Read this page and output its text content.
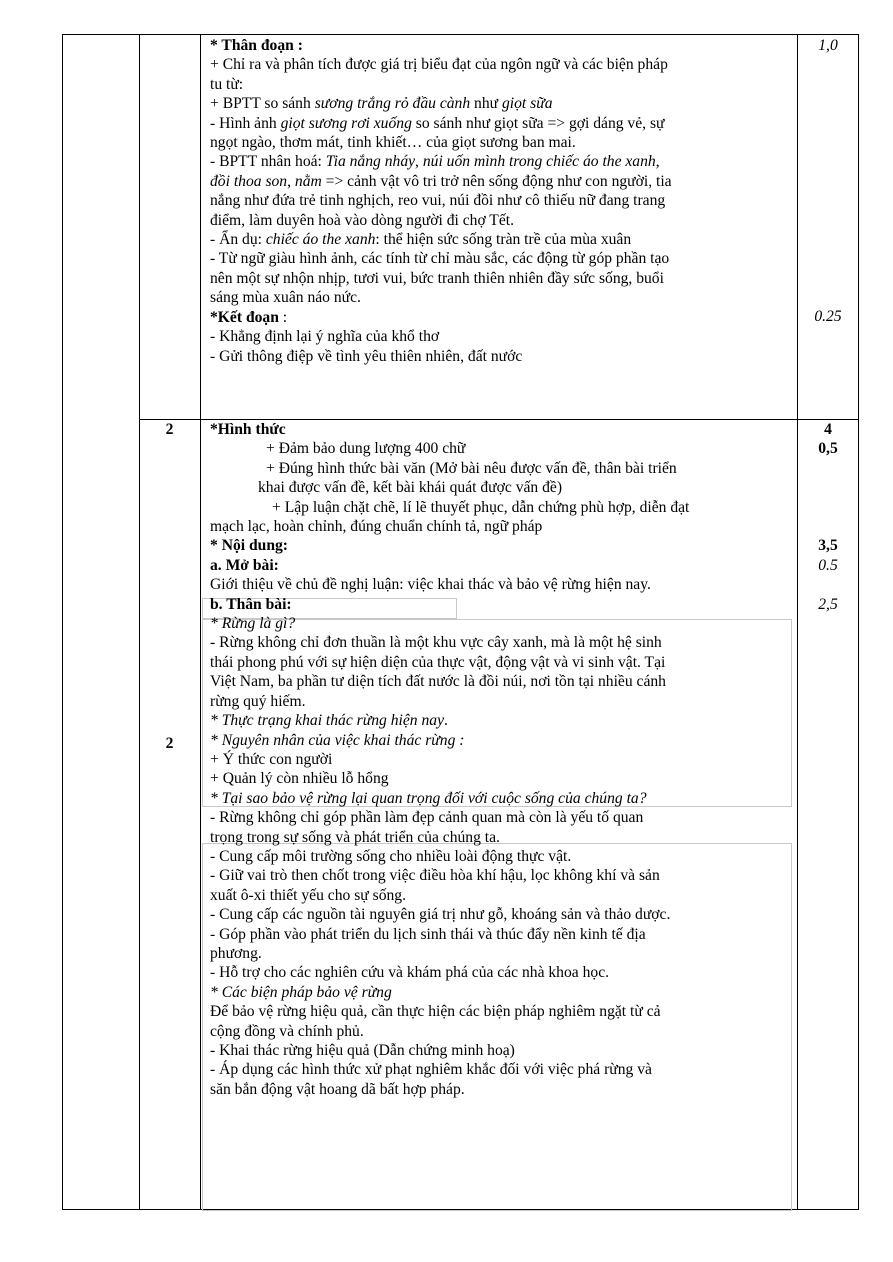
* Thân đoạn :
+ Chỉ ra và phân tích được giá trị biểu đạt của ngôn ngữ và các biện pháp
tu từ:
+ BPTT so sánh sương trắng rỏ đầu cành như giọt sữa
- Hình ảnh giọt sương rơi xuống so sánh như giọt sữa => gợi dáng vẻ, sự
ngọt ngào, thơm mát, tinh khiết… của giọt sương ban mai.
- BPTT nhân hoá: Tia nắng nháy, núi uốn mình trong chiếc áo the xanh,
đồi thoa son, nằm => cảnh vật vô tri trở nên sống động như con người, tia
nắng như đứa trẻ tinh nghịch, reo vui, núi đồi như cô thiếu nữ đang trang
điểm, làm duyên hoà vào dòng người đi chợ Tết.
- Ẩn dụ: chiếc áo the xanh: thể hiện sức sống tràn trề của mùa xuân
- Từ ngữ giàu hình ảnh, các tính từ chỉ màu sắc, các động từ góp phần tạo
nên một sự nhộn nhịp, tươi vui, bức tranh thiên nhiên đầy sức sống, buổi
sáng mùa xuân náo nức.
*Kết đoạn :
- Khẳng định lại ý nghĩa của khổ thơ
- Gửi thông điệp về tình yêu thiên nhiên, đất nước
1,0
0.25
2
2
*Hình thức
+ Đảm bảo dung lượng 400 chữ
+ Đúng hình thức bài văn (Mở bài nêu được vấn đề, thân bài triển
khai được vấn đề, kết bài khái quát được vấn đề)
+ Lập luận chặt chẽ, lí lẽ thuyết phục, dẫn chứng phù hợp, diễn đạt
mạch lạc, hoàn chỉnh, đúng chuẩn chính tả, ngữ pháp
* Nội dung:
a. Mở bài:
Giới thiệu về chủ đề nghị luận: việc khai thác và bảo vệ rừng hiện nay.
b. Thân bài:
* Rừng là gì?
- Rừng không chỉ đơn thuần là một khu vực cây xanh, mà là một hệ sinh
thái phong phú với sự hiện diện của thực vật, động vật và vi sinh vật. Tại
Việt Nam, ba phần tư diện tích đất nước là đồi núi, nơi tồn tại nhiều cánh
rừng quý hiếm.
* Thực trạng khai thác rừng hiện nay.
* Nguyên nhân của việc khai thác rừng :
+ Ý thức con người
+ Quản lý còn nhiều lỗ hổng
* Tại sao bảo vệ rừng lại quan trọng đối với cuộc sống của chúng ta?
- Rừng không chỉ góp phần làm đẹp cảnh quan mà còn là yếu tố quan
trọng trong sự sống và phát triển của chúng ta.
- Cung cấp môi trường sống cho nhiều loài động thực vật.
- Giữ vai trò then chốt trong việc điều hòa khí hậu, lọc không khí và sản
xuất ô-xi thiết yếu cho sự sống.
- Cung cấp các nguồn tài nguyên giá trị như gỗ, khoáng sản và thảo dược.
- Góp phần vào phát triển du lịch sinh thái và thúc đẩy nền kinh tế địa
phương.
- Hỗ trợ cho các nghiên cứu và khám phá của các nhà khoa học.
* Các biện pháp bảo vệ rừng
Để bảo vệ rừng hiệu quả, cần thực hiện các biện pháp nghiêm ngặt từ cả
cộng đồng và chính phủ.
- Khai thác rừng hiệu quả (Dẫn chứng minh hoạ)
- Áp dụng các hình thức xử phạt nghiêm khắc đối với việc phá rừng và
săn bắn động vật hoang dã bất hợp pháp.
4
0,5
3,5
0.5
2,5
